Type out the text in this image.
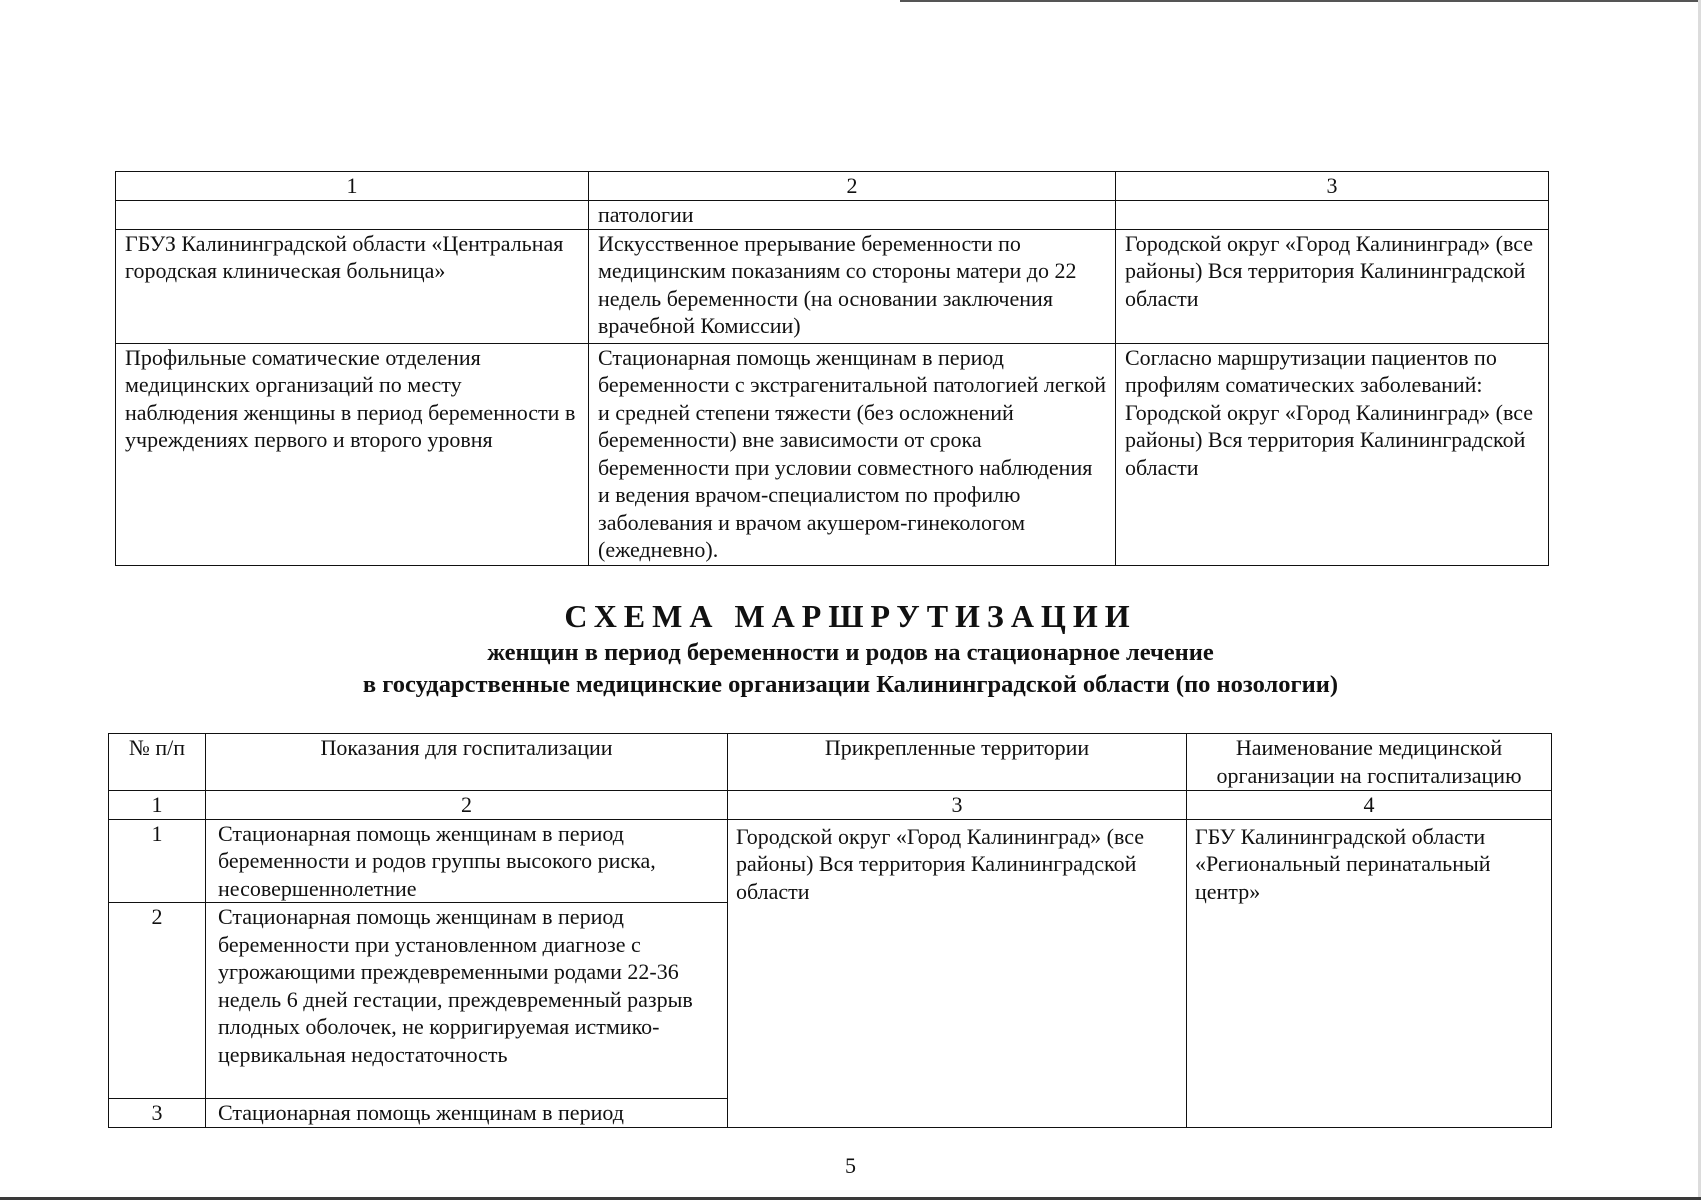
1	2	3
	патологии	
ГБУЗ Калининградской области «Центральная городская клиническая больница»	Искусственное прерывание беременности по медицинским показаниям со стороны матери до 22 недель беременности (на основании заключения врачебной Комиссии)	Городской округ «Город Калининград» (все районы) Вся территория Калининградской области
Профильные соматические отделения медицинских организаций по месту наблюдения женщины в период беременности в учреждениях первого и второго уровня	Стационарная помощь женщинам в период беременности с экстрагенитальной патологией легкой и средней степени тяжести (без осложнений беременности) вне зависимости от срока беременности при условии совместного наблюдения и ведения врачом-специалистом по профилю заболевания и врачом акушером-гинекологом (ежедневно).	Согласно маршрутизации пациентов по профилям соматических заболеваний: Городской округ «Город Калининград» (все районы) Вся территория Калининградской области
СХЕМА МАРШРУТИЗАЦИИ
женщин в период беременности и родов на стационарное лечение
в государственные медицинские организации Калининградской области (по нозологии)
№ п/п	Показания для госпитализации	Прикрепленные территории	Наименование медицинской организации на госпитализацию
1	2	3	4
1	Стационарная помощь женщинам в период беременности и родов группы высокого риска, несовершеннолетние	Городской округ «Город Калининград» (все районы) Вся территория Калининградской области	ГБУ Калининградской области «Региональный перинатальный центр»
2	Стационарная помощь женщинам в период беременности при установленном диагнозе с угрожающими преждевременными родами 22-36 недель 6 дней гестации, преждевременный разрыв плодных оболочек, не корригируемая истмико-цервикальная недостаточность		
3	Стационарная помощь женщинам в период		
5
